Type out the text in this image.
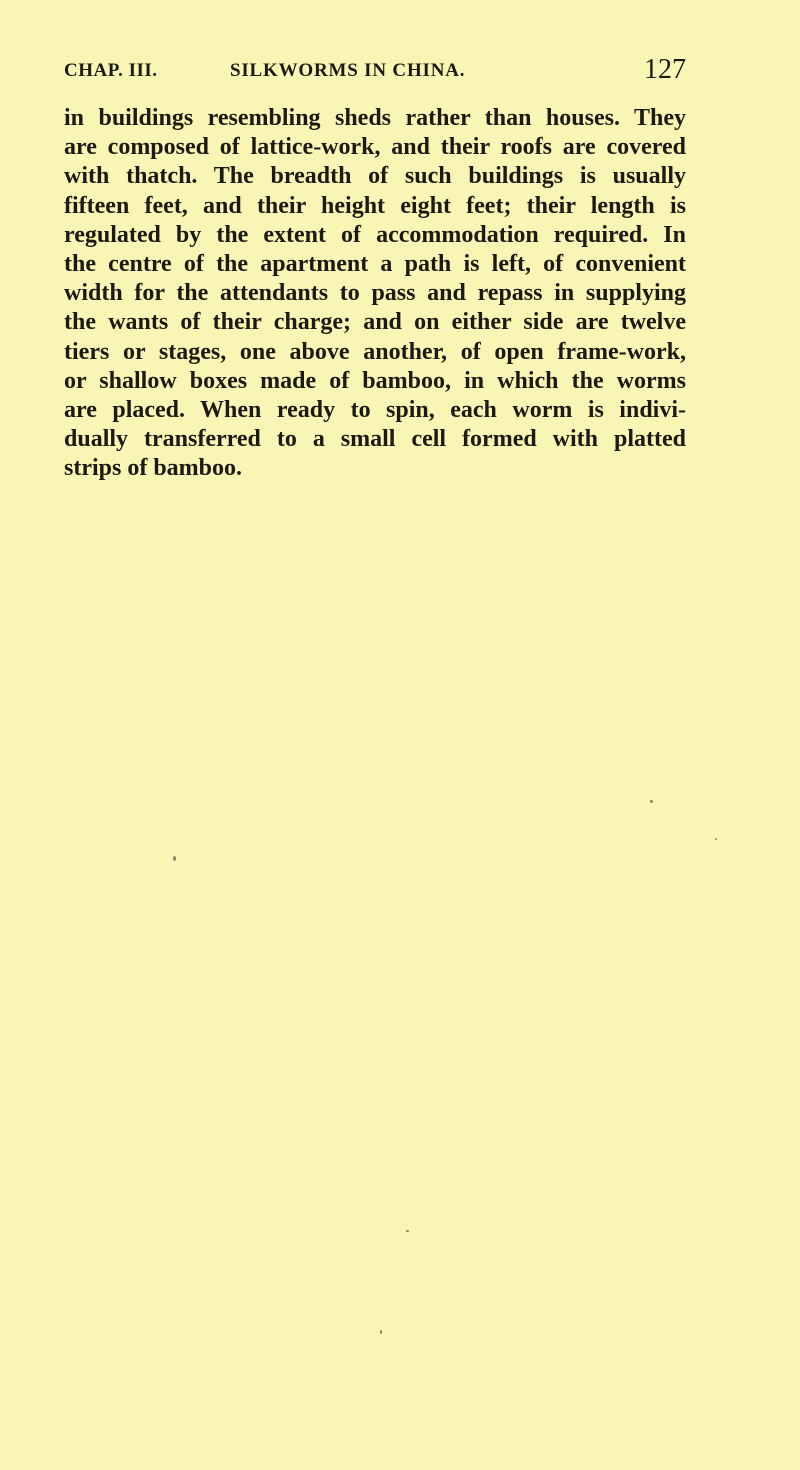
CHAP. III.	SILKWORMS IN CHINA.	127
in buildings resembling sheds rather than houses. They
are composed of lattice-work, and their roofs are covered
with thatch. The breadth of such buildings is usually
fifteen feet, and their height eight feet; their length is
regulated by the extent of accommodation required. In
the centre of the apartment a path is left, of convenient
width for the attendants to pass and repass in supplying
the wants of their charge; and on either side are twelve
tiers or stages, one above another, of open frame-work,
or shallow boxes made of bamboo, in which the worms
are placed. When ready to spin, each worm is indivi-
dually transferred to a small cell formed with platted
strips of bamboo.
